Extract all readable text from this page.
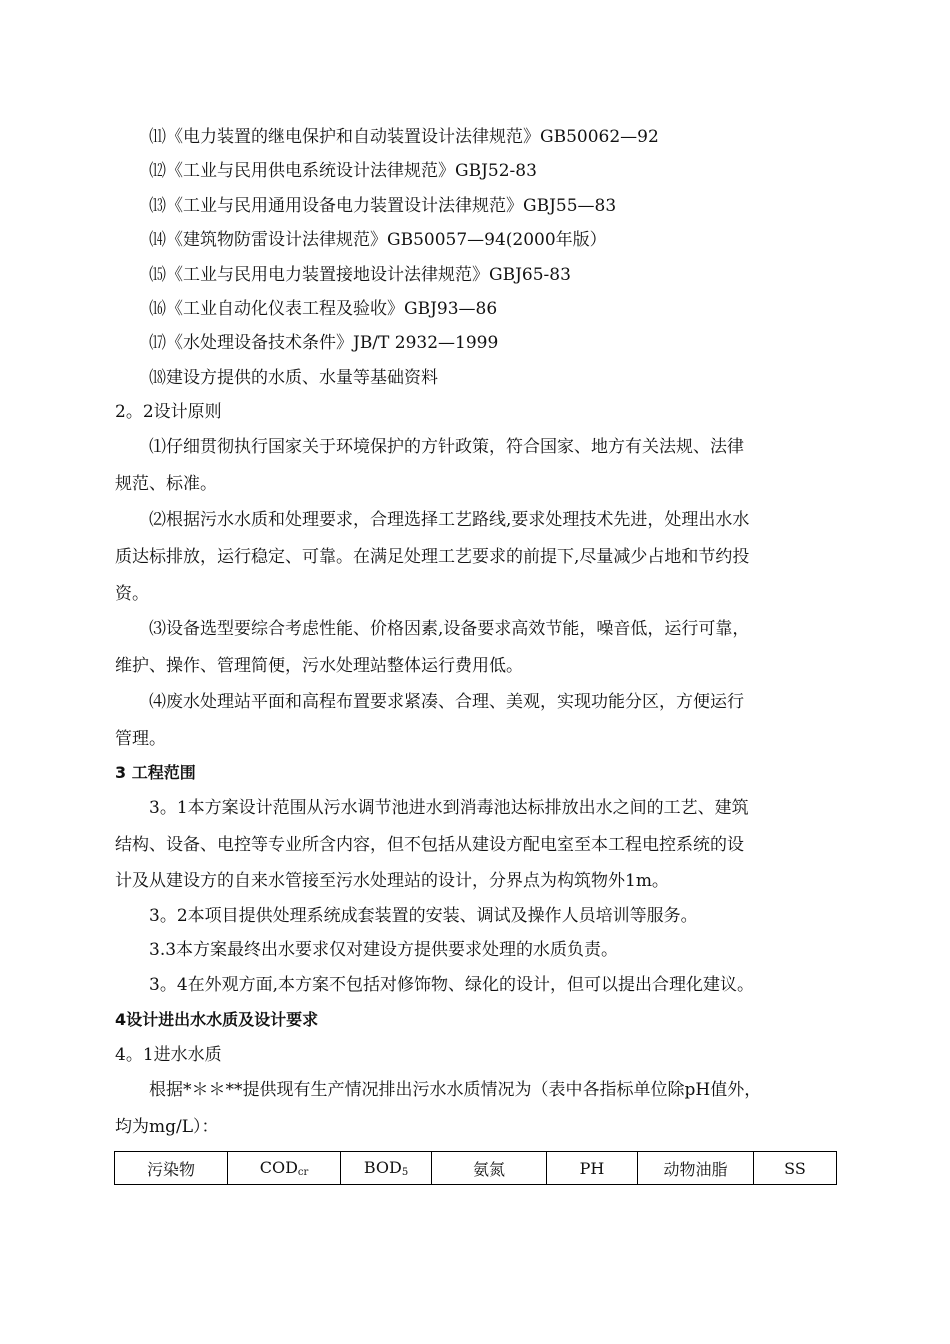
⑾《电力装置的继电保护和自动装置设计法律规范》GB50062—92
⑿《工业与民用供电系统设计法律规范》GBJ52-83
⒀《工业与民用通用设备电力装置设计法律规范》GBJ55—83
⒁《建筑物防雷设计法律规范》GB50057—94(2000年版）
⒂《工业与民用电力装置接地设计法律规范》GBJ65-83
⒃《工业自动化仪表工程及验收》GBJ93—86
⒄《水处理设备技术条件》JB/T 2932—1999
⒅建设方提供的水质、水量等基础资料
2。2设计原则
⑴仔细贯彻执行国家关于环境保护的方针政策，符合国家、地方有关法规、法律
规范、标准。
⑵根据污水水质和处理要求，合理选择工艺路线,要求处理技术先进，处理出水水
质达标排放，运行稳定、可靠。在满足处理工艺要求的前提下,尽量减少占地和节约投
资。
⑶设备选型要综合考虑性能、价格因素,设备要求高效节能，噪音低，运行可靠，
维护、操作、管理简便，污水处理站整体运行费用低。
⑷废水处理站平面和高程布置要求紧凑、合理、美观，实现功能分区，方便运行
管理。
3 工程范围
3。1本方案设计范围从污水调节池进水到消毒池达标排放出水之间的工艺、建筑
结构、设备、电控等专业所含内容，但不包括从建设方配电室至本工程电控系统的设
计及从建设方的自来水管接至污水处理站的设计，分界点为构筑物外1m。
3。2本项目提供处理系统成套装置的安装、调试及操作人员培训等服务。
3.3本方案最终出水要求仅对建设方提供要求处理的水质负责。
3。4在外观方面,本方案不包括对修饰物、绿化的设计，但可以提出合理化建议。
4设计进出水水质及设计要求
4。1进水水质
根据*＊＊**提供现有生产情况排出污水水质情况为（表中各指标单位除pH值外，
均为mg/L）：
污染物	$COD_{cr}$	$BOD_5$	氨氮	PH	动物油脂	SS
